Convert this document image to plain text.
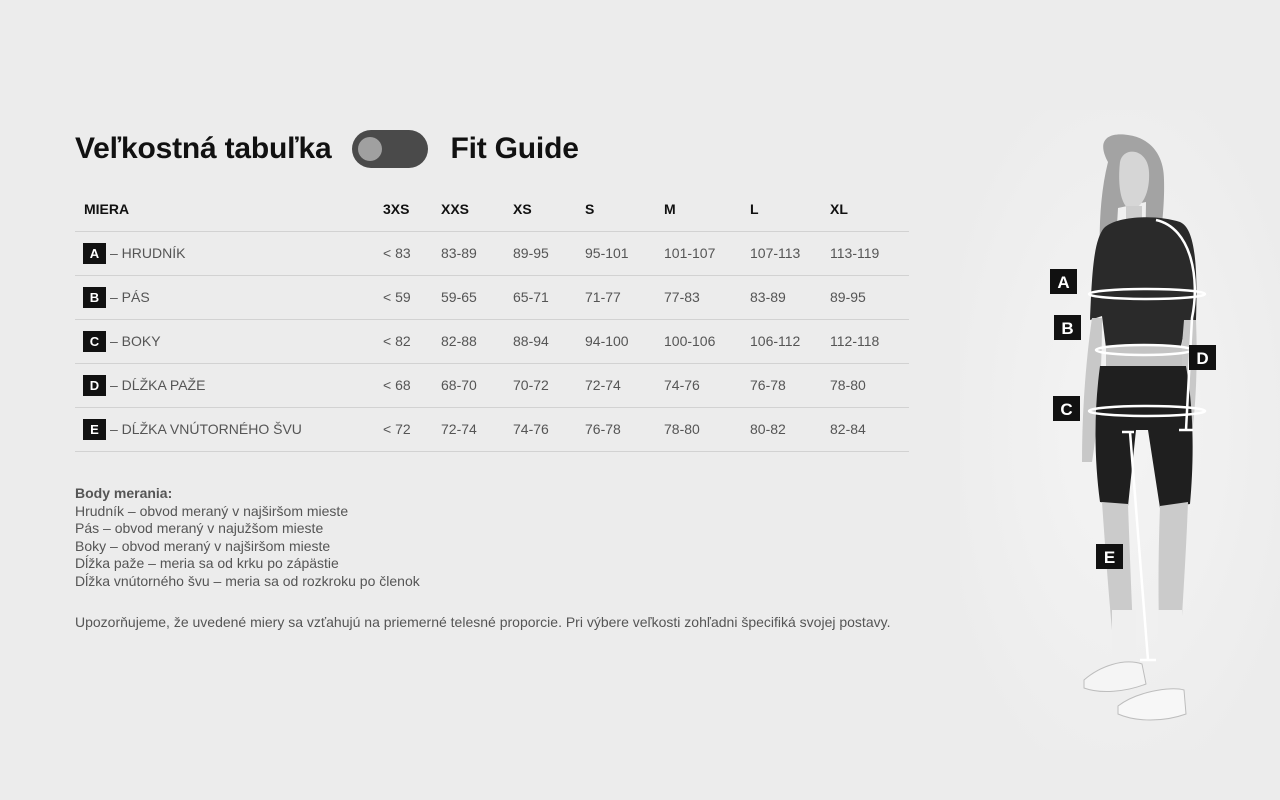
Veľkostná tabuľka	Fit Guide
MIERA	3XS	XXS	XS	S	M	L	XL
A – HRUDNÍK	< 83	83-89	89-95	95-101	101-107	107-113	113-119
B – PÁS	< 59	59-65	65-71	71-77	77-83	83-89	89-95
C – BOKY	< 82	82-88	88-94	94-100	100-106	106-112	112-118
D – DĹŽKA PAŽE	< 68	68-70	70-72	72-74	74-76	76-78	78-80
E – DĹŽKA VNÚTORNÉHO ŠVU	< 72	72-74	74-76	76-78	78-80	80-82	82-84
Body merania:
Hrudník – obvod meraný v najširšom mieste
Pás – obvod meraný v najužšom mieste
Boky – obvod meraný v najširšom mieste
Dĺžka paže – meria sa od krku po zápästie
Dĺžka vnútorného švu – meria sa od rozkroku po členok
Upozorňujeme, že uvedené miery sa vzťahujú na priemerné telesné proporcie. Pri výbere veľkosti zohľadni špecifiká svojej postavy.
A
B
C
D
E
